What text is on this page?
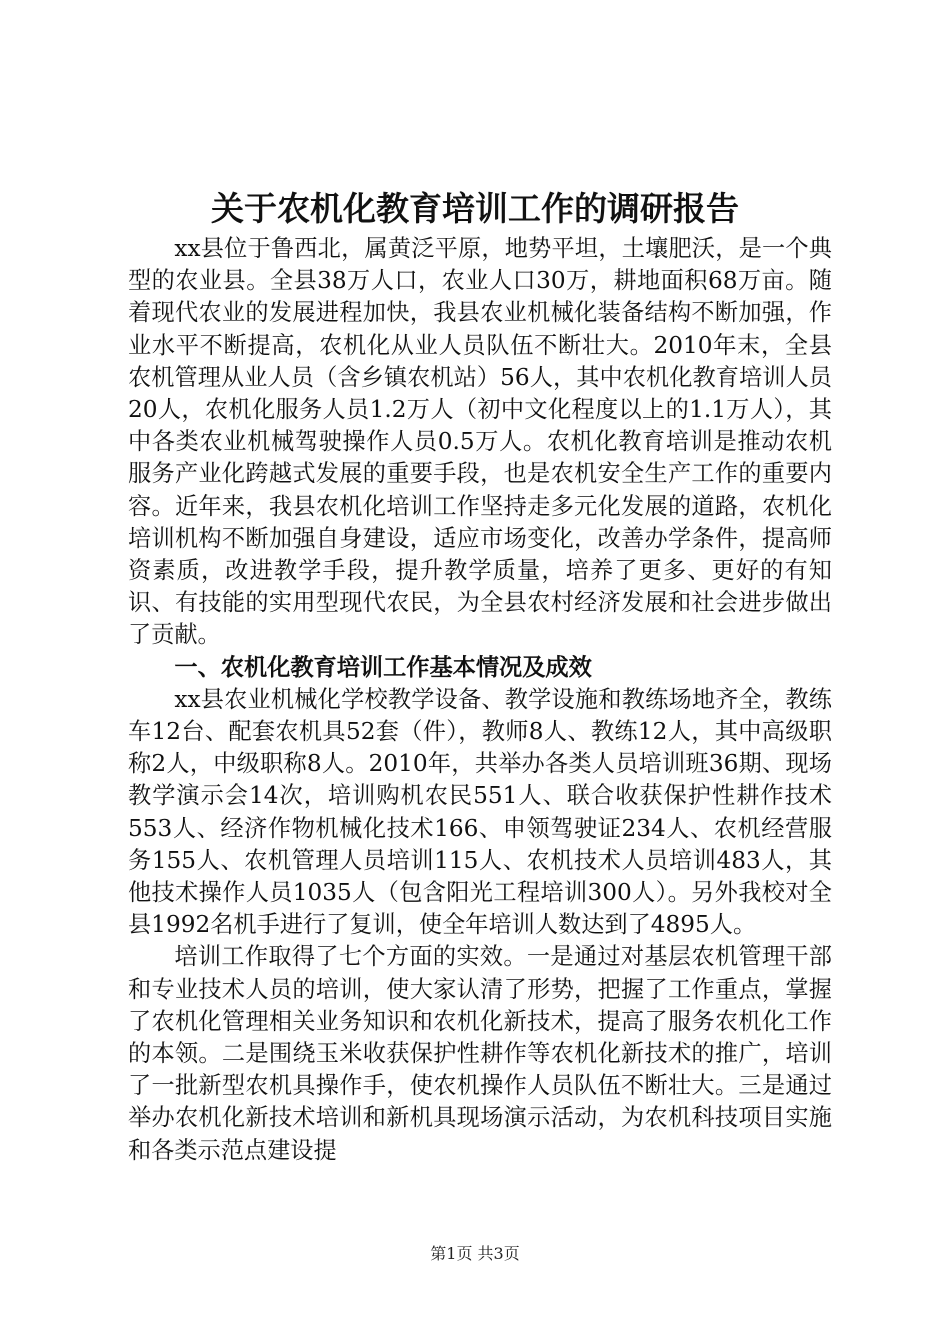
关于农机化教育培训工作的调研报告

xx县位于鲁西北，属黄泛平原，地势平坦，土壤肥沃，是一个典型的农业县。全县38万人口，农业人口30万，耕地面积68万亩。随着现代农业的发展进程加快，我县农业机械化装备结构不断加强，作业水平不断提高，农机化从业人员队伍不断壮大。2010年末，全县农机管理从业人员（含乡镇农机站）56人，其中农机化教育培训人员20人，农机化服务人员1.2万人（初中文化程度以上的1.1万人），其中各类农业机械驾驶操作人员0.5万人。农机化教育培训是推动农机服务产业化跨越式发展的重要手段，也是农机安全生产工作的重要内容。近年来，我县农机化培训工作坚持走多元化发展的道路，农机化培训机构不断加强自身建设，适应市场变化，改善办学条件，提高师资素质，改进教学手段，提升教学质量，培养了更多、更好的有知识、有技能的实用型现代农民，为全县农村经济发展和社会进步做出了贡献。

一、农机化教育培训工作基本情况及成效

xx县农业机械化学校教学设备、教学设施和教练场地齐全，教练车12台、配套农机具52套（件），教师8人、教练12人，其中高级职称2人，中级职称8人。2010年，共举办各类人员培训班36期、现场教学演示会14次，培训购机农民551人、联合收获保护性耕作技术553人、经济作物机械化技术166、申领驾驶证234人、农机经营服务155人、农机管理人员培训115人、农机技术人员培训483人，其他技术操作人员1035人（包含阳光工程培训300人）。另外我校对全县1992名机手进行了复训，使全年培训人数达到了4895人。

培训工作取得了七个方面的实效。一是通过对基层农机管理干部和专业技术人员的培训，使大家认清了形势，把握了工作重点，掌握了农机化管理相关业务知识和农机化新技术，提高了服务农机化工作的本领。二是围绕玉米收获保护性耕作等农机化新技术的推广，培训了一批新型农机具操作手，使农机操作人员队伍不断壮大。三是通过举办农机化新技术培训和新机具现场演示活动，为农机科技项目实施和各类示范点建设提

第1页 共3页
